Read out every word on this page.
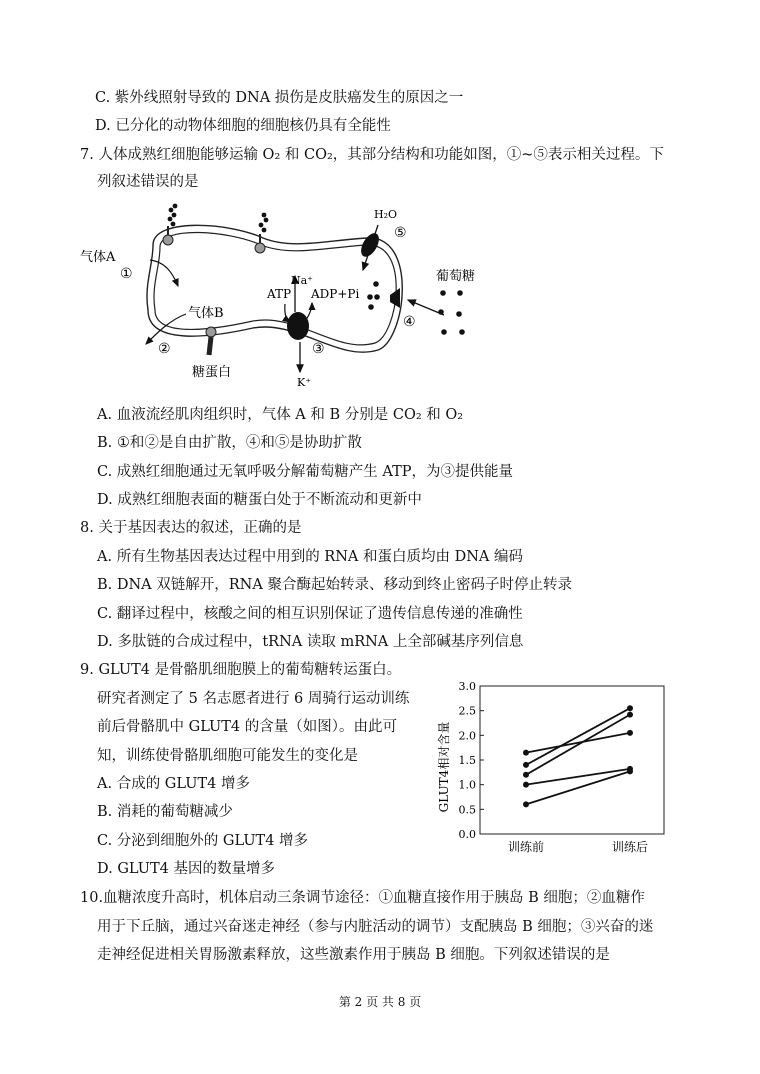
C. 紫外线照射导致的 DNA 损伤是皮肤癌发生的原因之一
D. 已分化的动物体细胞的细胞核仍具有全能性
7. 人体成熟红细胞能够运输 O₂ 和 CO₂，其部分结构和功能如图，①~⑤表示相关过程。下
列叙述错误的是
H₂O
⑤
④
葡萄糖
Na⁺
K⁺
ATP ADP+Pi
③
气体A
①
气体B
②
糖蛋白
A. 血液流经肌肉组织时，气体 A 和 B 分别是 CO₂ 和 O₂
B. ①和②是自由扩散，④和⑤是协助扩散
C. 成熟红细胞通过无氧呼吸分解葡萄糖产生 ATP，为③提供能量
D. 成熟红细胞表面的糖蛋白处于不断流动和更新中
8. 关于基因表达的叙述，正确的是
A. 所有生物基因表达过程中用到的 RNA 和蛋白质均由 DNA 编码
B. DNA 双链解开，RNA 聚合酶起始转录、移动到终止密码子时停止转录
C. 翻译过程中，核酸之间的相互识别保证了遗传信息传递的准确性
D. 多肽链的合成过程中，tRNA 读取 mRNA 上全部碱基序列信息
9. GLUT4 是骨骼肌细胞膜上的葡萄糖转运蛋白。
研究者测定了 5 名志愿者进行 6 周骑行运动训练
前后骨骼肌中 GLUT4 的含量（如图）。由此可
知，训练使骨骼肌细胞可能发生的变化是
A. 合成的 GLUT4 增多
B. 消耗的葡萄糖减少
C. 分泌到细胞外的 GLUT4 增多
D. GLUT4 基因的数量增多
0.0
0.5
1.0
1.5
2.0
2.5
3.0
训练前	训练后
GLUT4相对含量
10.血糖浓度升高时，机体启动三条调节途径：①血糖直接作用于胰岛 B 细胞；②血糖作
用于下丘脑，通过兴奋迷走神经（参与内脏活动的调节）支配胰岛 B 细胞；③兴奋的迷
走神经促进相关胃肠激素释放，这些激素作用于胰岛 B 细胞。下列叙述错误的是
第 2 页 共 8 页
